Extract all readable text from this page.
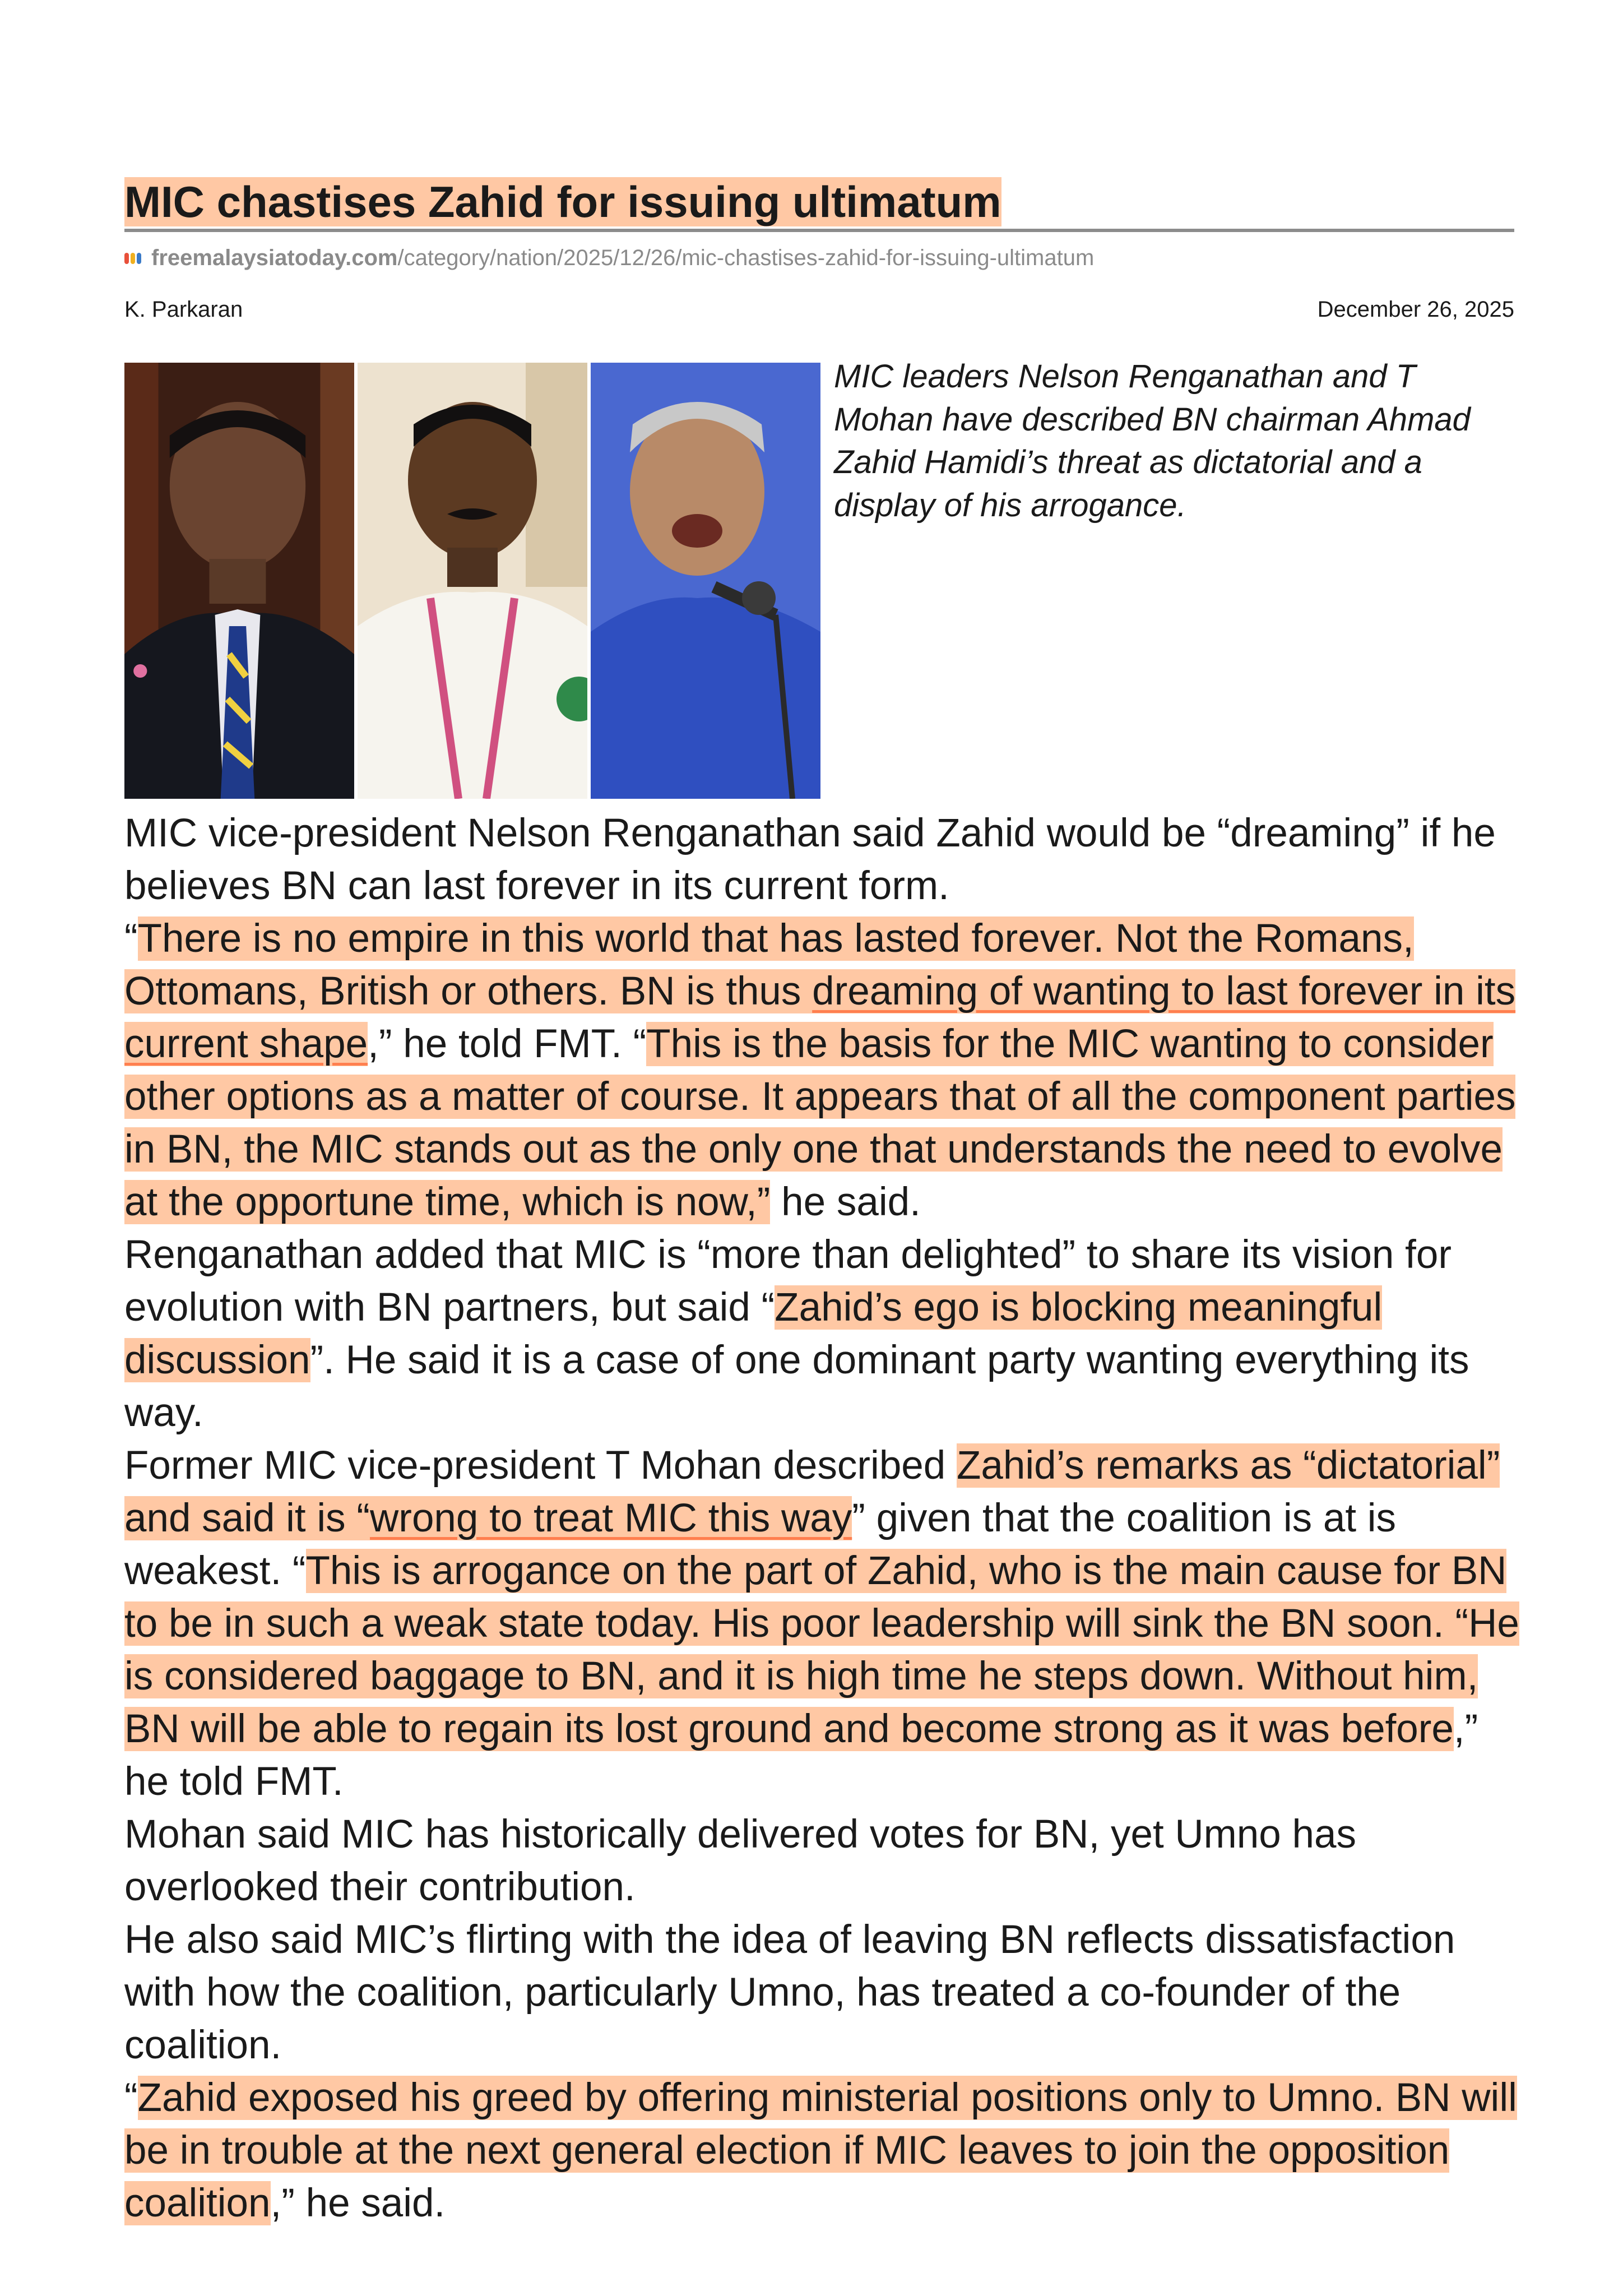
MIC chastises Zahid for issuing ultimatum
freemalaysiatoday.com/category/nation/2025/12/26/mic-chastises-zahid-for-issuing-ultimatum
K. Parkaran	December 26, 2025
MIC leaders Nelson Renganathan and T Mohan have described BN chairman Ahmad Zahid Hamidi’s threat as dictatorial and a display of his arrogance.

MIC vice-president Nelson Renganathan said Zahid would be “dreaming” if he believes BN can last forever in its current form.

“There is no empire in this world that has lasted forever. Not the Romans, Ottomans, British or others. BN is thus dreaming of wanting to last forever in its current shape,” he told FMT. “This is the basis for the MIC wanting to consider other options as a matter of course. It appears that of all the component parties in BN, the MIC stands out as the only one that understands the need to evolve at the opportune time, which is now,” he said.

Renganathan added that MIC is “more than delighted” to share its vision for evolution with BN partners, but said “Zahid’s ego is blocking meaningful discussion”. He said it is a case of one dominant party wanting everything its way.

Former MIC vice-president T Mohan described Zahid’s remarks as “dictatorial” and said it is “wrong to treat MIC this way” given that the coalition is at is weakest. “This is arrogance on the part of Zahid, who is the main cause for BN to be in such a weak state today. His poor leadership will sink the BN soon. “He is considered baggage to BN, and it is high time he steps down. Without him, BN will be able to regain its lost ground and become strong as it was before,” he told FMT.

Mohan said MIC has historically delivered votes for BN, yet Umno has overlooked their contribution.

He also said MIC’s flirting with the idea of leaving BN reflects dissatisfaction with how the coalition, particularly Umno, has treated a co-founder of the coalition.

“Zahid exposed his greed by offering ministerial positions only to Umno. BN will be in trouble at the next general election if MIC leaves to join the opposition coalition,” he said.
